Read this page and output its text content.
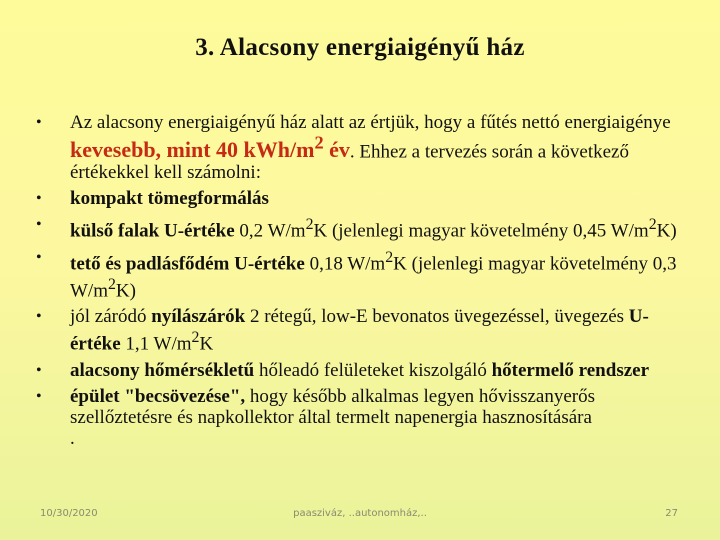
3. Alacsony energiaigényű ház
•	Az alacsony energiaigényű ház alatt az értjük, hogy a fűtés nettó energiaigénye kevesebb, mint 40 kWh/$m^2$ év. Ehhez a tervezés során a következő értékekkel kell számolni:
•	kompakt tömegformálás
•	külső falak U-értéke 0,2 $W/m^2K$ (jelenlegi magyar követelmény 0,45 $W/m^2K$)
•	tető és padlásfődém U-értéke 0,18 $W/m^2K$ (jelenlegi magyar követelmény 0,3 $W/m^2K$)
•	jól záródó nyílászárók 2 rétegű, low-E bevonatos üvegezéssel, üvegezés U-értéke 1,1 $W/m^2K$
•	alacsony hőmérsékletű hőleadó felületeket kiszolgáló hőtermelő rendszer
•	épület "becsövezése", hogy később alkalmas legyen hővisszanyerős szellőztetésre és napkollektor által termelt napenergia hasznosítására
.
10/30/2020	paasziváz, ..autonomház,..	27
